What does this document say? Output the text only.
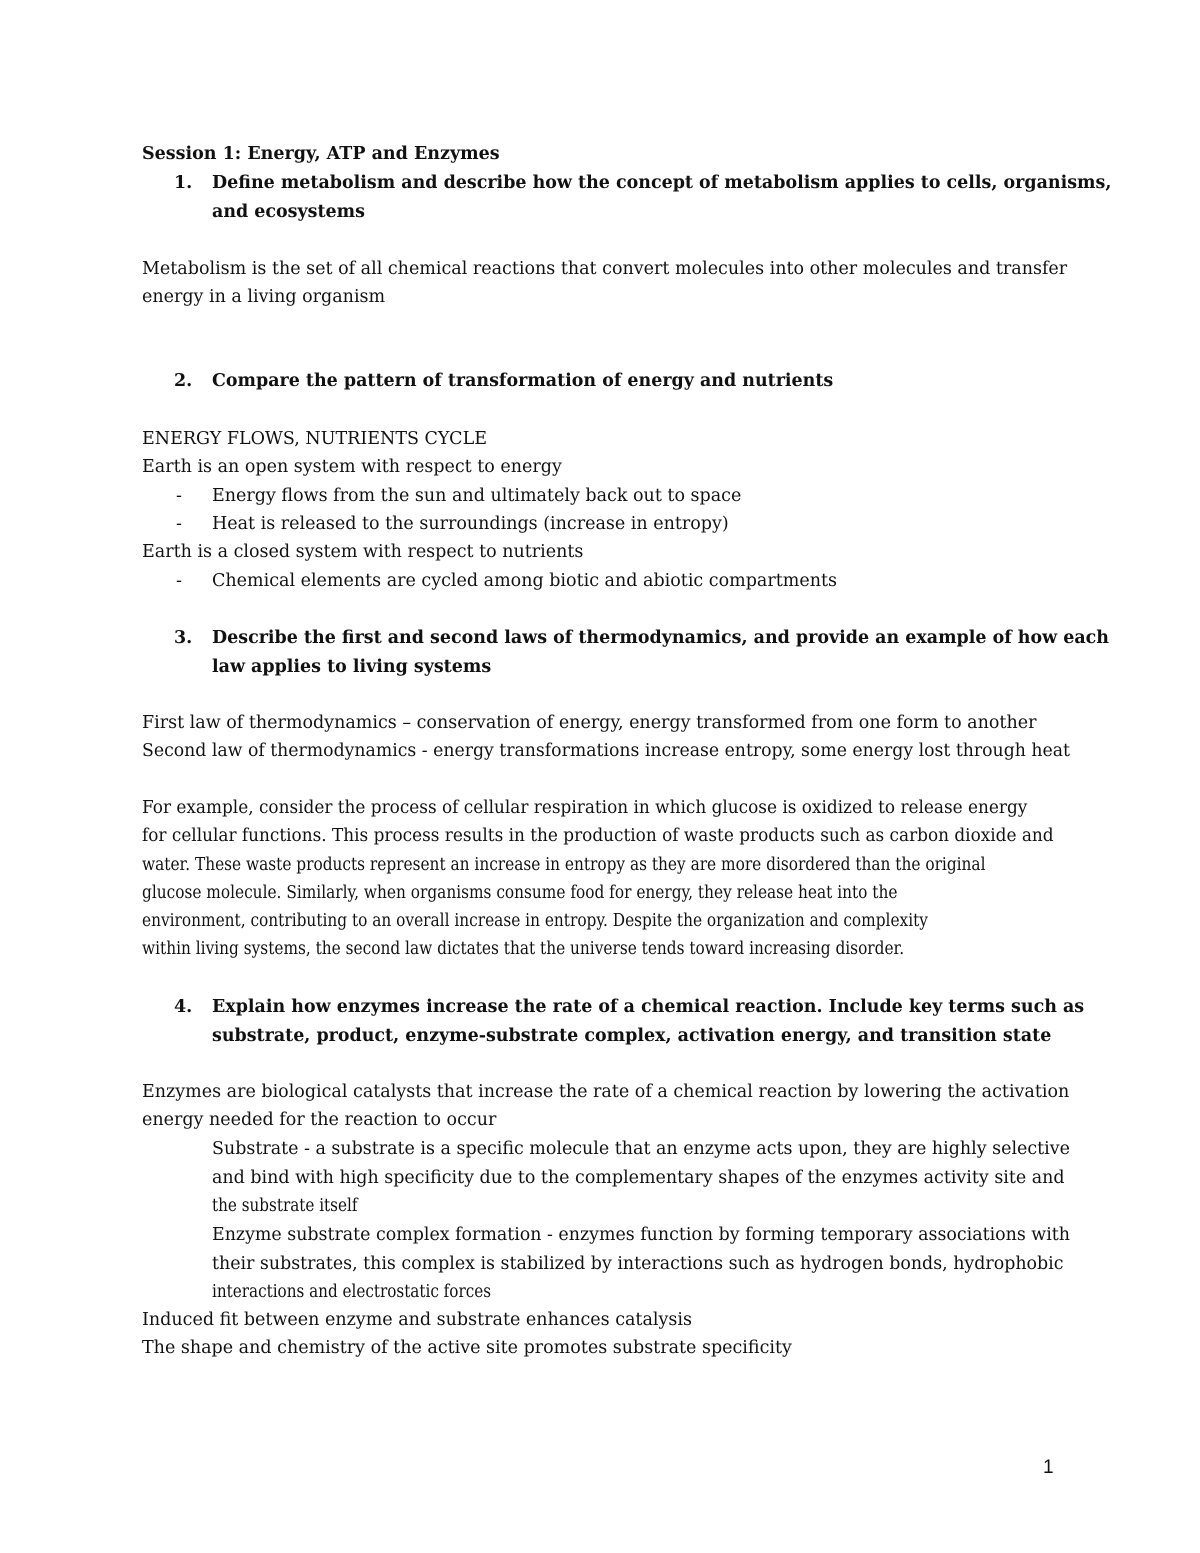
Session 1: Energy, ATP and Enzymes
1. Define metabolism and describe how the concept of metabolism applies to cells, organisms, and ecosystems
Metabolism is the set of all chemical reactions that convert molecules into other molecules and transfer
energy in a living organism
2. Compare the pattern of transformation of energy and nutrients
ENERGY FLOWS, NUTRIENTS CYCLE
Earth is an open system with respect to energy
- Energy flows from the sun and ultimately back out to space
- Heat is released to the surroundings (increase in entropy)
Earth is a closed system with respect to nutrients
- Chemical elements are cycled among biotic and abiotic compartments
3. Describe the first and second laws of thermodynamics, and provide an example of how each law applies to living systems
First law of thermodynamics – conservation of energy, energy transformed from one form to another
Second law of thermodynamics - energy transformations increase entropy, some energy lost through heat
For example, consider the process of cellular respiration in which glucose is oxidized to release energy for cellular functions. This process results in the production of waste products such as carbon dioxide and water. These waste products represent an increase in entropy as they are more disordered than the original glucose molecule. Similarly, when organisms consume food for energy, they release heat into the environment, contributing to an overall increase in entropy. Despite the organization and complexity within living systems, the second law dictates that the universe tends toward increasing disorder.
4. Explain how enzymes increase the rate of a chemical reaction. Include key terms such as substrate, product, enzyme-substrate complex, activation energy, and transition state
Enzymes are biological catalysts that increase the rate of a chemical reaction by lowering the activation
energy needed for the reaction to occur
Substrate - a substrate is a specific molecule that an enzyme acts upon, they are highly selective and bind with high specificity due to the complementary shapes of the enzymes activity site and the substrate itself
Enzyme substrate complex formation - enzymes function by forming temporary associations with their substrates, this complex is stabilized by interactions such as hydrogen bonds, hydrophobic interactions and electrostatic forces
Induced fit between enzyme and substrate enhances catalysis
The shape and chemistry of the active site promotes substrate specificity
1
